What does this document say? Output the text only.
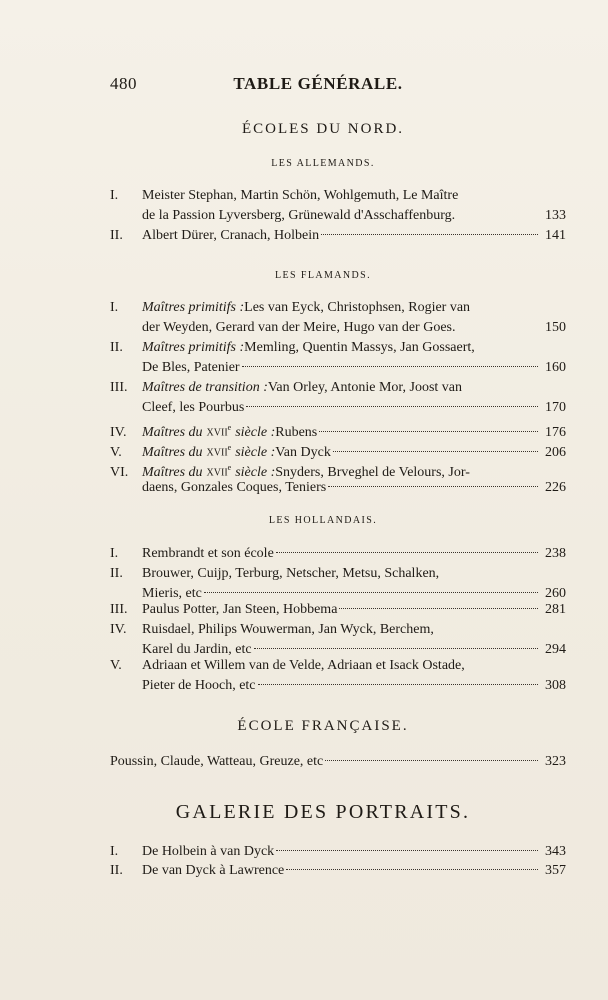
480	TABLE GÉNÉRALE.
ÉCOLES DU NORD.
LES ALLEMANDS.
I.	Meister Stephan, Martin Schön, Wohlgemuth, Le Maître
de la Passion Lyversberg, Grünewald d'Asschaffenburg.	133
II.	Albert Dürer, Cranach, Holbein	141
LES FLAMANDS.
I.	Maîtres primitifs : Les van Eyck, Christophsen, Rogier van
der Weyden, Gerard van der Meire, Hugo van der Goes.	150
II.	Maîtres primitifs : Memling, Quentin Massys, Jan Gossaert,
De Bles, Patenier	160
III.	Maîtres de transition : Van Orley, Antonie Mor, Joost van
Cleef, les Pourbus	170
IV.	Maîtres du xvii$^e$ siècle : Rubens	176
V.	Maîtres du xvii$^e$ siècle : Van Dyck	206
VI. Maîtres du xvii$^e$ siècle : Snyders, Brveghel de Velours, Jor-
daens, Gonzales Coques, Teniers	226
LES HOLLANDAIS.
I.	Rembrandt et son école	238
II.	Brouwer, Cuijp, Terburg, Netscher, Metsu, Schalken,
Mieris, etc	260
III.	Paulus Potter, Jan Steen, Hobbema	281
IV.	Ruisdael, Philips Wouwerman, Jan Wyck, Berchem,
Karel du Jardin, etc	294
V.	Adriaan et Willem van de Velde, Adriaan et Isack Ostade,
Pieter de Hooch, etc	308
ÉCOLE FRANÇAISE.
Poussin, Claude, Watteau, Greuze, etc	323
GALERIE DES PORTRAITS.
I.	De Holbein à van Dyck	343
II.	De van Dyck à Lawrence	357
